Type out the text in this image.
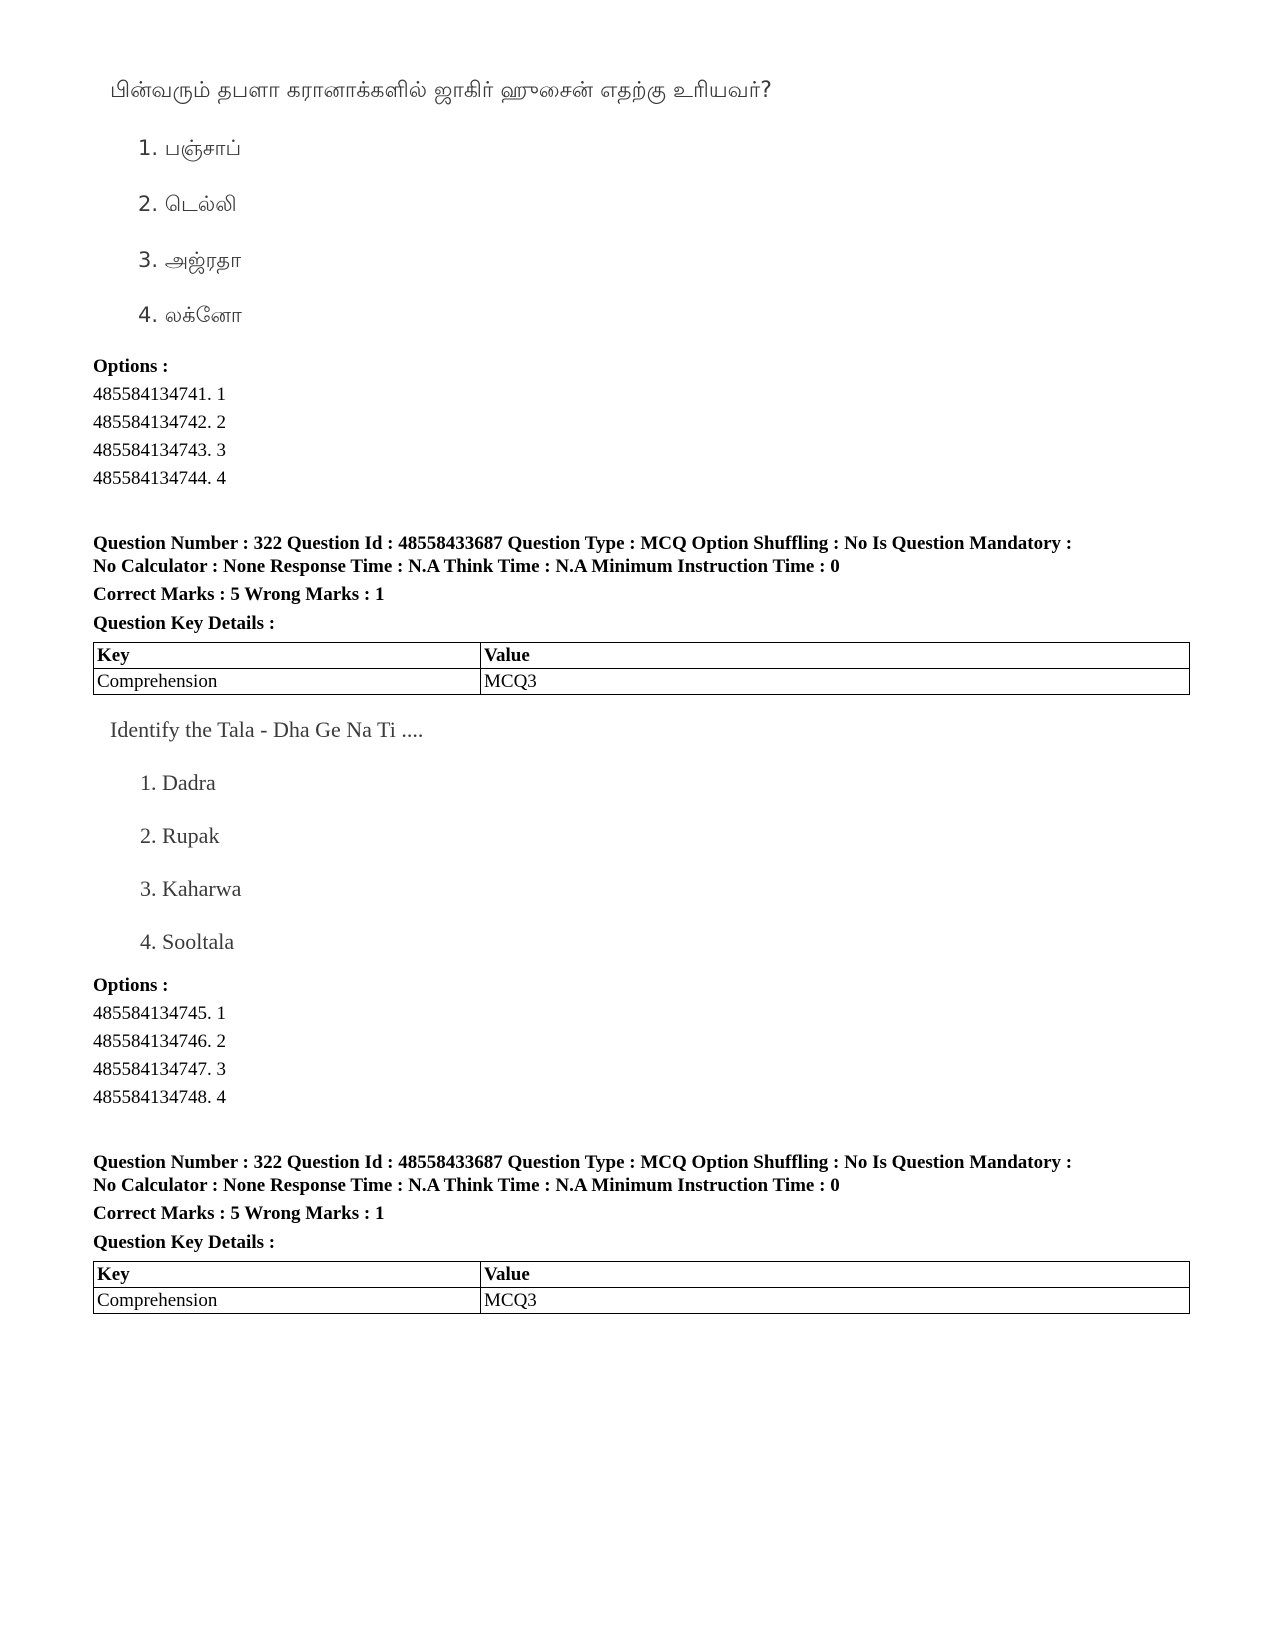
பின்வரும் தபளா கரானாக்களில் ஜாகிர் ஹுசைன் எதற்கு உரியவர்?
1. பஞ்சாப்
2. டெல்லி
3. அஜ்ரதா
4. லக்னோ
Options :
485584134741. 1
485584134742. 2
485584134743. 3
485584134744. 4
Question Number : 322 Question Id : 48558433687 Question Type : MCQ Option Shuffling : No Is Question Mandatory :
No Calculator : None Response Time : N.A Think Time : N.A Minimum Instruction Time : 0
Correct Marks : 5 Wrong Marks : 1
Question Key Details :
Key	Value
Comprehension	MCQ3
Identify the Tala - Dha Ge Na Ti ....
1. Dadra
2. Rupak
3. Kaharwa
4. Sooltala
Options :
485584134745. 1
485584134746. 2
485584134747. 3
485584134748. 4
Question Number : 322 Question Id : 48558433687 Question Type : MCQ Option Shuffling : No Is Question Mandatory :
No Calculator : None Response Time : N.A Think Time : N.A Minimum Instruction Time : 0
Correct Marks : 5 Wrong Marks : 1
Question Key Details :
Key	Value
Comprehension	MCQ3
